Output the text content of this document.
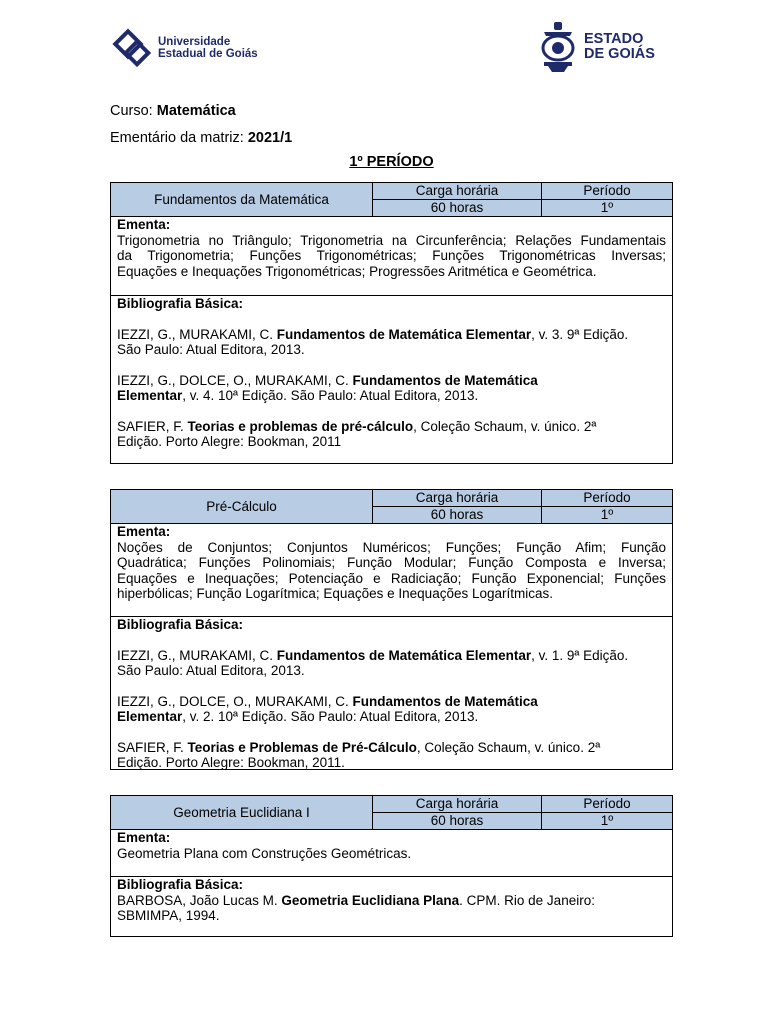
Universidade
Estadual de Goiás
ESTADO
DE GOIÁS
Curso: Matemática
Ementário da matriz: 2021/1
1º PERÍODO
Fundamentos da Matemática
Carga horária
60 horas
Período
1º
Ementa:
Trigonometria no Triângulo; Trigonometria na Circunferência; Relações Fundamentais
da Trigonometria; Funções Trigonométricas; Funções Trigonométricas Inversas;
Equações e Inequações Trigonométricas; Progressões Aritmética e Geométrica.
Bibliografia Básica:

IEZZI, G., MURAKAMI, C. Fundamentos de Matemática Elementar, v. 3. 9ª Edição.

São Paulo: Atual Editora, 2013.

IEZZI, G., DOLCE, O., MURAKAMI, C. Fundamentos de Matemática

Elementar, v. 4. 10ª Edição. São Paulo: Atual Editora, 2013.

SAFIER, F. Teorias e problemas de pré-cálculo, Coleção Schaum, v. único. 2ª

Edição. Porto Alegre: Bookman, 2011

Pré-Cálculo
Carga horária
60 horas
Período
1º
Ementa:
Noções de Conjuntos; Conjuntos Numéricos; Funções; Função Afim; Função
Quadrática; Funções Polinomiais; Função Modular; Função Composta e Inversa;
Equações e Inequações; Potenciação e Radiciação; Função Exponencial; Funções
hiperbólicas; Função Logarítmica; Equações e Inequações Logarítmicas.
Bibliografia Básica:

IEZZI, G., MURAKAMI, C. Fundamentos de Matemática Elementar, v. 1. 9ª Edição.

São Paulo: Atual Editora, 2013.

IEZZI, G., DOLCE, O., MURAKAMI, C. Fundamentos de Matemática

Elementar, v. 2. 10ª Edição. São Paulo: Atual Editora, 2013.

SAFIER, F. Teorias e Problemas de Pré-Cálculo, Coleção Schaum, v. único. 2ª

Edição. Porto Alegre: Bookman, 2011.

Geometria Euclidiana I
Carga horária
60 horas
Período
1º
Ementa:
Geometria Plana com Construções Geométricas.
Bibliografia Básica:

BARBOSA, João Lucas M. Geometria Euclidiana Plana. CPM. Rio de Janeiro:

SBMIMPA, 1994.
